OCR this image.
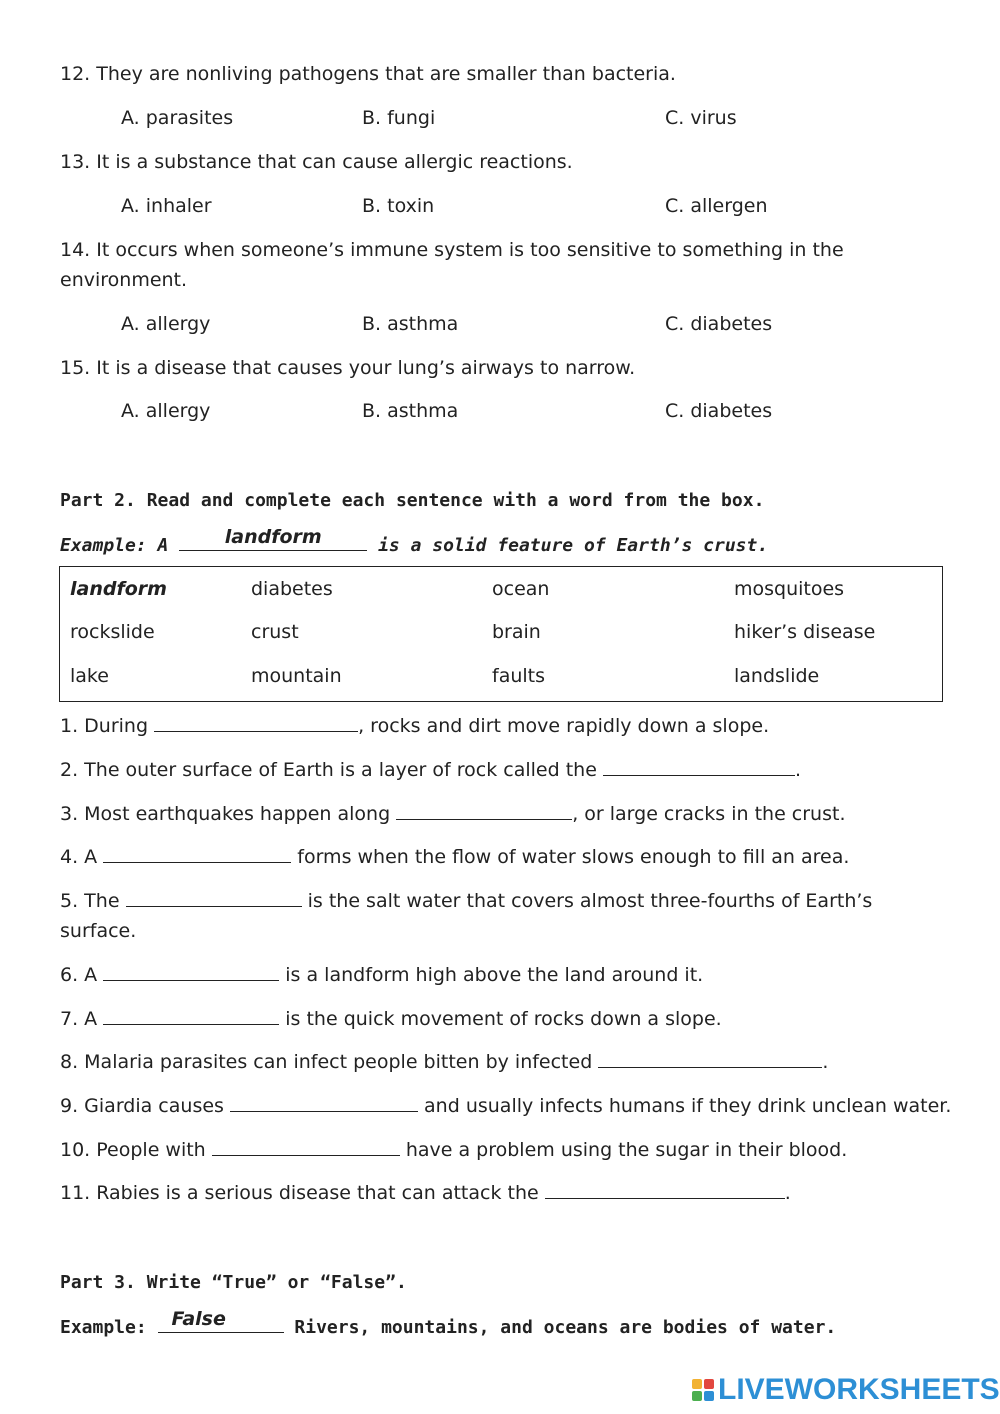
12. They are nonliving pathogens that are smaller than bacteria.
A. parasites	B. fungi	C. virus
13. It is a substance that can cause allergic reactions.
A. inhaler	B. toxin	C. allergen
14. It occurs when someone’s immune system is too sensitive to something in the
environment.
A. allergy	B. asthma	C. diabetes
15. It is a disease that causes your lung’s airways to narrow.
A. allergy	B. asthma	C. diabetes
Part 2. Read and complete each sentence with a word from the box.
Example: A	landform	is a solid feature of Earth’s crust.
landform	diabetes	ocean	mosquitoes
rockslide	crust	brain	hiker’s disease
lake	mountain	faults	landslide
1. During	, rocks and dirt move rapidly down a slope.
2. The outer surface of Earth is a layer of rock called the	.
3. Most earthquakes happen along	, or large cracks in the crust.
4. A	forms when the flow of water slows enough to fill an area.
5. The	is the salt water that covers almost three-fourths of Earth’s
surface.
6. A	is a landform high above the land around it.
7. A	is the quick movement of rocks down a slope.
8. Malaria parasites can infect people bitten by infected	.
9. Giardia causes	and usually infects humans if they drink unclean water.
10. People with	have a problem using the sugar in their blood.
11. Rabies is a serious disease that can attack the	.
Part 3. Write “True” or “False”.
Example:	False	Rivers, mountains, and oceans are bodies of water.
LIVEWORKSHEETS
